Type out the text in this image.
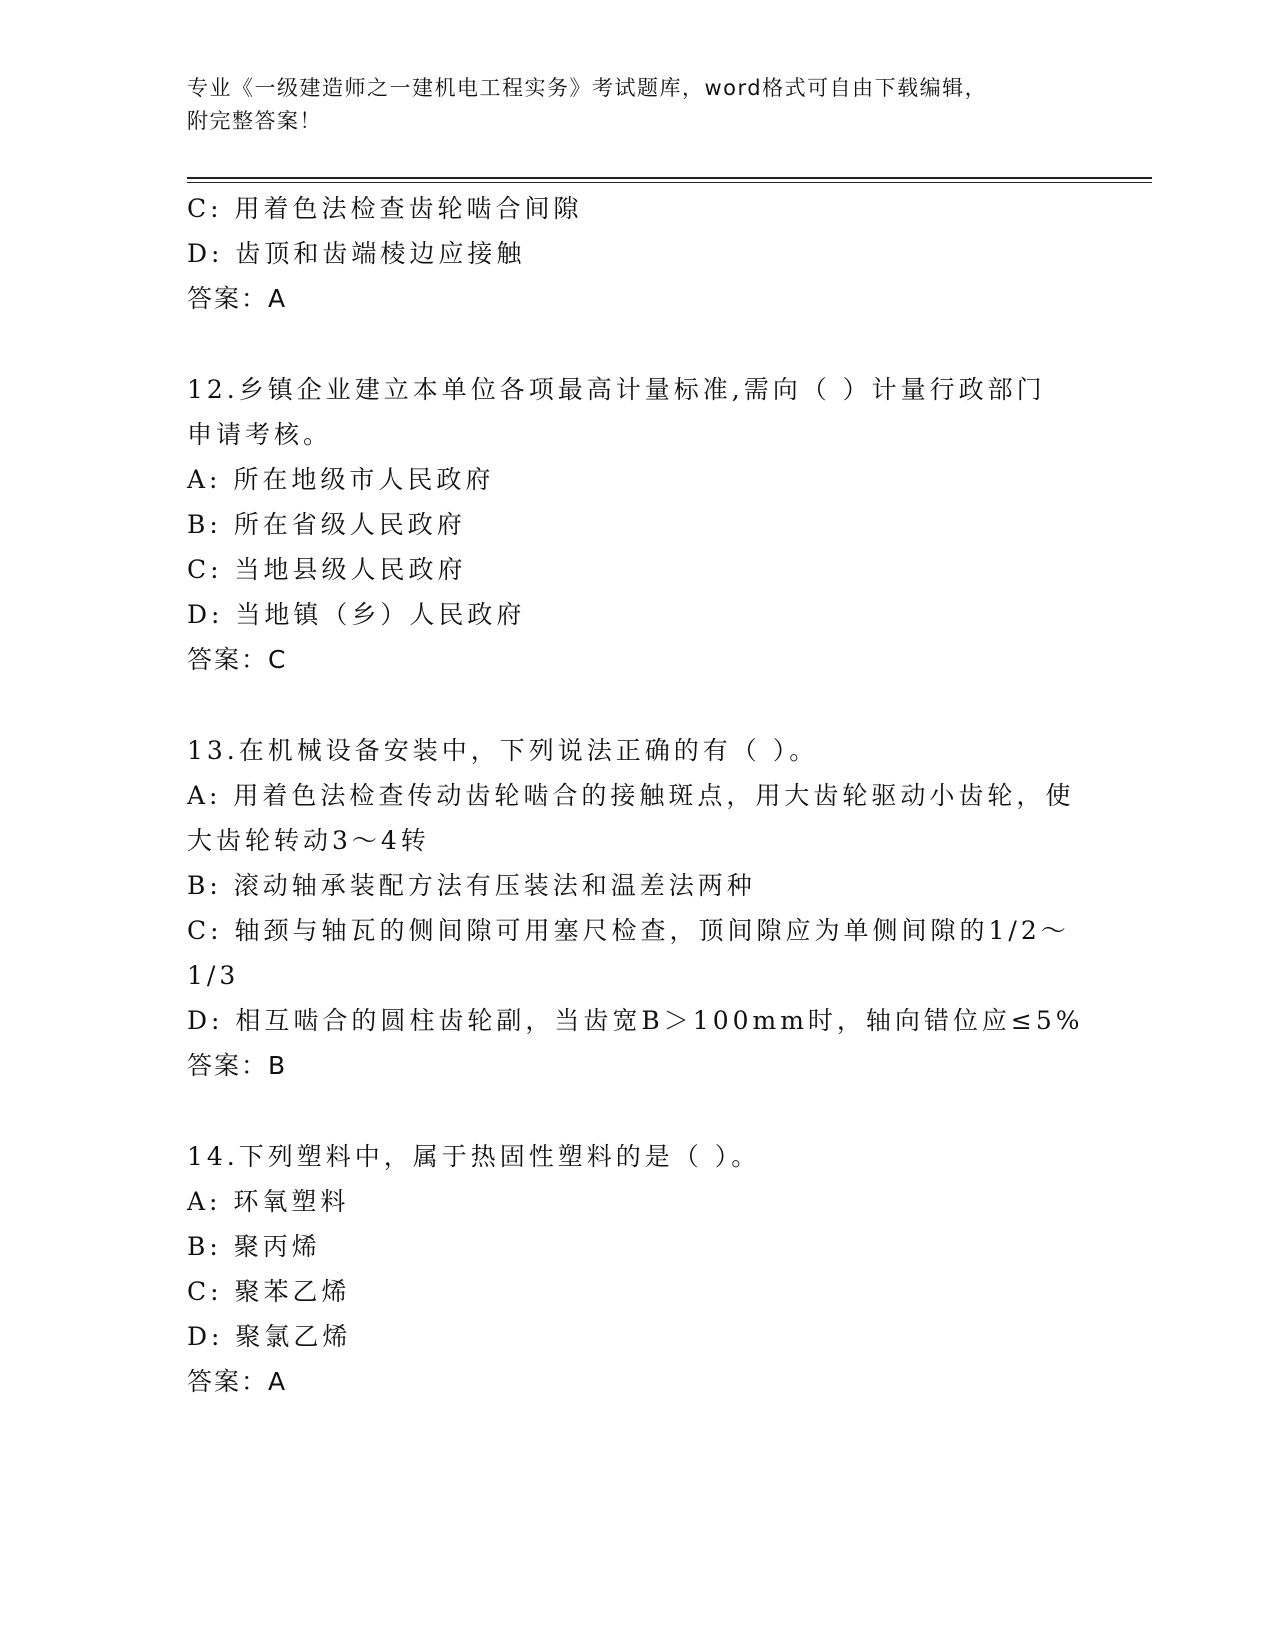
专业《一级建造师之一建机电工程实务》考试题库，word格式可自由下载编辑，
附完整答案！
C: 用着色法检查齿轮啮合间隙
D: 齿顶和齿端棱边应接触
答案：A
12.乡镇企业建立本单位各项最高计量标准,需向（ ）计量行政部门
申请考核。
A: 所在地级市人民政府
B: 所在省级人民政府
C: 当地县级人民政府
D: 当地镇（乡）人民政府
答案：C
13.在机械设备安装中，下列说法正确的有（ ）。
A: 用着色法检查传动齿轮啮合的接触斑点，用大齿轮驱动小齿轮，使
大齿轮转动3～4转
B: 滚动轴承装配方法有压装法和温差法两种
C: 轴颈与轴瓦的侧间隙可用塞尺检查，顶间隙应为单侧间隙的1/2～
1/3
D: 相互啮合的圆柱齿轮副，当齿宽B＞100mm时，轴向错位应≤5%
答案：B
14.下列塑料中，属于热固性塑料的是（ ）。
A: 环氧塑料
B: 聚丙烯
C: 聚苯乙烯
D: 聚氯乙烯
答案：A
